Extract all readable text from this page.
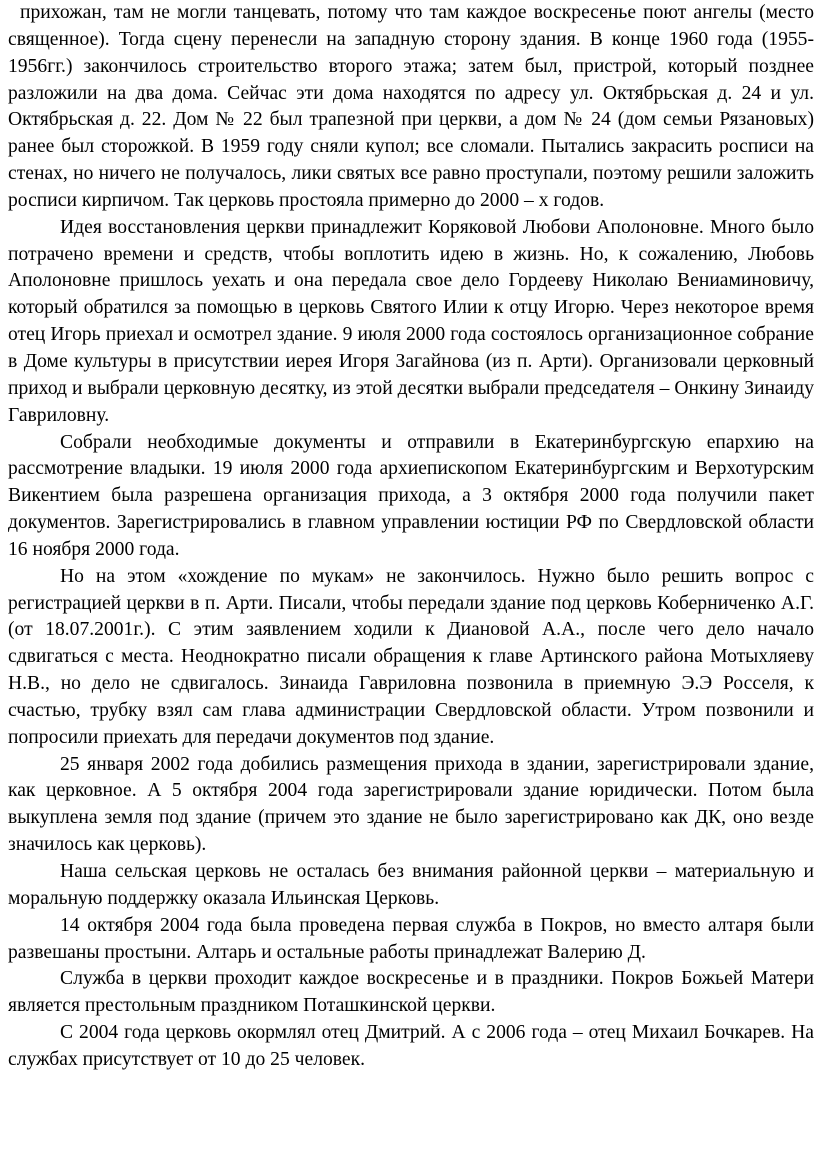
прихожан, там не могли танцевать, потому что там каждое воскресенье поют ангелы (место священное). Тогда сцену перенесли на западную сторону здания. В конце 1960 года (1955-1956гг.) закончилось строительство второго этажа; затем был, пристрой, который позднее разложили на два дома. Сейчас эти дома находятся по адресу ул. Октябрьская д. 24 и ул. Октябрьская д. 22. Дом № 22 был трапезной при церкви, а дом № 24 (дом семьи Рязановых) ранее был сторожкой. В 1959 году сняли купол; все сломали. Пытались закрасить росписи на стенах, но ничего не получалось, лики святых все равно проступали, поэтому решили заложить росписи кирпичом. Так церковь простояла примерно до 2000 – х годов.

Идея восстановления церкви принадлежит Коряковой Любови Аполоновне. Много было потрачено времени и средств, чтобы воплотить идею в жизнь. Но, к сожалению, Любовь Аполоновне пришлось уехать и она передала свое дело Гордееву Николаю Вениаминовичу, который обратился за помощью в церковь Святого Илии к отцу Игорю. Через некоторое время отец Игорь приехал и осмотрел здание. 9 июля 2000 года состоялось организационное собрание в Доме культуры в присутствии иерея Игоря Загайнова (из п. Арти). Организовали церковный приход и выбрали церковную десятку, из этой десятки выбрали председателя – Онкину Зинаиду Гавриловну.

Собрали необходимые документы и отправили в Екатеринбургскую епархию на рассмотрение владыки. 19 июля 2000 года архиепископом Екатеринбургским и Верхотурским Викентием была разрешена организация прихода, а 3 октября 2000 года получили пакет документов. Зарегистрировались в главном управлении юстиции РФ по Свердловской области 16 ноября 2000 года.

Но на этом «хождение по мукам» не закончилось. Нужно было решить вопрос с регистрацией церкви в п. Арти. Писали, чтобы передали здание под церковь Коберниченко А.Г. (от 18.07.2001г.). С этим заявлением ходили к Диановой А.А., после чего дело начало сдвигаться с места. Неоднократно писали обращения к главе Артинского района Мотыхляеву Н.В., но дело не сдвигалось. Зинаида Гавриловна позвонила в приемную Э.Э Росселя, к счастью, трубку взял сам глава администрации Свердловской области. Утром позвонили и попросили приехать для передачи документов под здание.

25 января 2002 года добились размещения прихода в здании, зарегистрировали здание, как церковное. А 5 октября 2004 года зарегистрировали здание юридически. Потом была выкуплена земля под здание (причем это здание не было зарегистрировано как ДК, оно везде значилось как церковь).

Наша сельская церковь не осталась без внимания районной церкви – материальную и моральную поддержку оказала Ильинская Церковь.

14 октября 2004 года была проведена первая служба в Покров, но вместо алтаря были развешаны простыни. Алтарь и остальные работы принадлежат Валерию Д.

Служба в церкви проходит каждое воскресенье и в праздники. Покров Божьей Матери является престольным праздником Поташкинской церкви.

С 2004 года церковь окормлял отец Дмитрий. А с 2006 года – отец Михаил Бочкарев. На службах присутствует от 10 до 25 человек.
